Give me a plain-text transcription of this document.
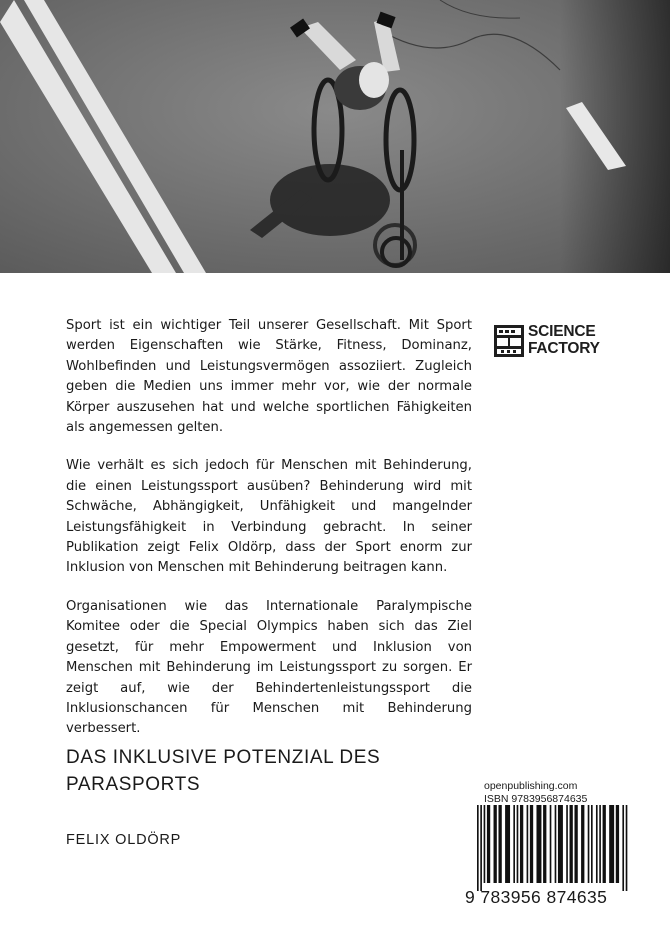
Sport ist ein wichtiger Teil unserer Gesellschaft. Mit Sport werden Eigenschaften wie Stärke, Fitness, Dominanz, Wohlbefinden und Leistungsvermögen assoziiert. Zugleich geben die Medien uns immer mehr vor, wie der normale Körper auszusehen hat und welche sportlichen Fähigkeiten als angemessen gelten.

Wie verhält es sich jedoch für Menschen mit Behinderung, die einen Leistungssport ausüben? Behinderung wird mit Schwäche, Abhängigkeit, Unfähigkeit und mangelnder Leistungsfähigkeit in Verbindung gebracht. In seiner Publikation zeigt Felix Oldörp, dass der Sport enorm zur Inklusion von Menschen mit Behinderung beitragen kann.

Organisationen wie das Internationale Paralympische Komitee oder die Special Olympics haben sich das Ziel gesetzt, für mehr Empowerment und Inklusion von Menschen mit Behinderung im Leistungssport zu sorgen. Er zeigt auf, wie der Behindertenleistungssport die Inklusionschancen für Menschen mit Behinderung verbessert.

SCIENCE
FACTORY
DAS INKLUSIVE POTENZIAL DES
PARASPORTS
FELIX OLDÖRP
openpublishing.com
ISBN 9783956874635
9 783956 874635
